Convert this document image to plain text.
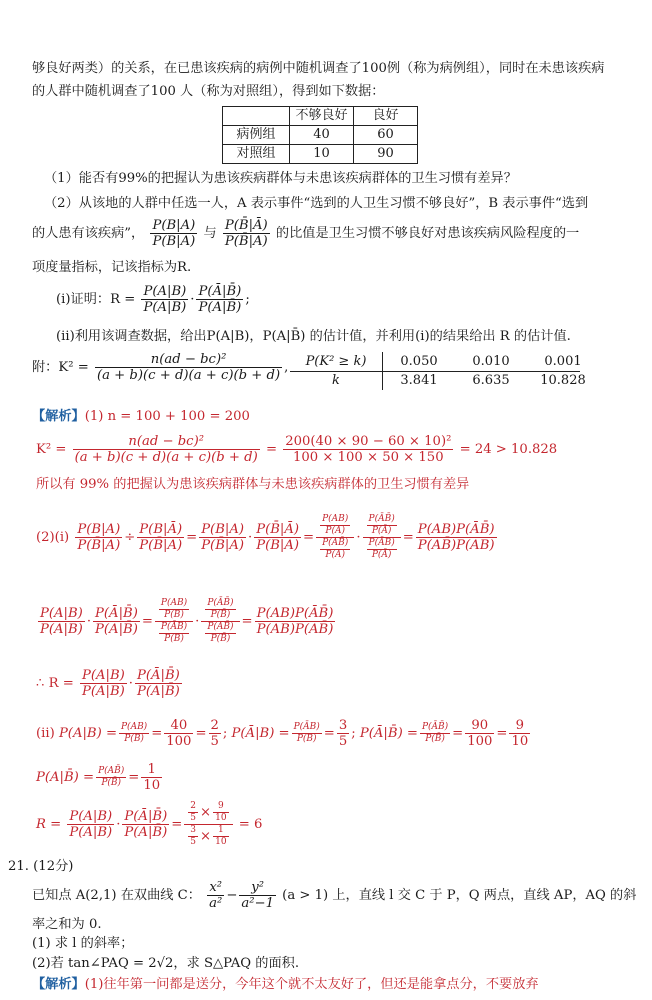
够良好两类）的关系，在已患该疾病的病例中随机调查了100例（称为病例组），同时在未患该疾病
的人群中随机调查了100 人（称为对照组），得到如下数据：
	不够良好	良好
病例组	40	60
对照组	10	90
（1）能否有99%的把握认为患该疾病群体与未患该疾病群体的卫生习惯有差异？
（2）从该地的人群中任选一人，A 表示事件“选到的人卫生习惯不够良好”，B 表示事件“选到
的人患有该疾病”， $\frac{P(B|A)}{P(B|Ā)}$ 与 $\frac{P(B̄|Ā)}{P(B̄|A)}$ 的比值是卫生习惯不够良好对患该疾病风险程度的一
项度量指标，记该指标为R.
(ⅰ)证明：$R = \frac{P(A|B)}{P(Ā|B)} \cdot \frac{P(Ā|B̄)}{P(A|B̄)}$ ;
(ⅱ)利用该调查数据，给出P(A|B)，P(A|B̄) 的估计值，并利用(ⅰ)的结果给出 R 的估计值.
附：$K^2 = \frac{\text{n(ad − bc)²}}{(a + b)(c + d)(a + c)(b + d)}$ ,	P(K² ≥ k)	0.050	0.010	0.001
k	3.841	6.635	10.828
【解析】(1) n = 100 + 100 = 200
$K^2 = \frac{\text{n(ad − bc)²}}{(a + b)(c + d)(a + c)(b + d)} = \frac{\text{200(40 × 90 − 60 × 10)²}}{100 \times 100 \times 50 \times 150} = 24 > 10.828$
所以有 99% 的把握认为患该疾病群体与未患该疾病群体的卫生习惯有差异
(2)(ⅰ) $\frac{P(B|A)}{P(B̄|A)} \div \frac{P(B|Ā)}{P(B̄|Ā)} = \frac{P(B|A)}{P(B̄|A)} \cdot \frac{P(B̄|Ā)}{P(B|Ā)} = \frac{\frac{P(AB)}{P(A)}}{\frac{P(AB̄)}{P(A)}} \cdot \frac{\frac{P(ĀB̄)}{P(Ā)}}{\frac{P(ĀB)}{P(Ā)}} = \frac{P(AB)P(ĀB̄)}{P(AB̄)P(ĀB)}$
$\frac{P(A|B)}{P(Ā|B)} \cdot \frac{P(Ā|B̄)}{P(A|B̄)} = \frac{\frac{P(AB)}{P(B)}}{\frac{P(ĀB)}{P(B)}} \cdot \frac{\frac{P(ĀB̄)}{P(B̄)}}{\frac{P(AB̄)}{P(B̄)}} = \frac{P(AB)P(ĀB̄)}{P(ĀB)P(AB̄)}$
∴ $R = \frac{P(A|B)}{P(Ā|B)} \cdot \frac{P(Ā|B̄)}{P(A|B̄)}$
(ⅱ) $P(A|B) = \frac{P(AB)}{P(B)} = \frac{40}{100} = \frac{2}{5}$ ; P(Ā|B) = $\frac{P(ĀB)}{P(B)} = \frac{3}{5}$ ; P(Ā|B̄) = $\frac{P(ĀB̄)}{P(B̄)} = \frac{90}{100} = \frac{9}{10}$
P(A|B̄) = $\frac{P(AB̄)}{P(B̄)} = \frac{1}{10}$
$R = \frac{P(A|B)}{P(Ā|B)} \cdot \frac{P(Ā|B̄)}{P(A|B̄)} = \frac{\frac{2}{5} \times \frac{9}{10}}{\frac{3}{5} \times \frac{1}{10}} = 6$
21. (12分)
已知点 A(2,1) 在双曲线 C： $\frac{\text{x²}}{\text{a²}} - \frac{\text{y²}}{\text{a²−1}} (a > 1)$ 上，直线 l 交 C 于 P，Q 两点，直线 AP，AQ 的斜
率之和为 0.
(1) 求 l 的斜率；
(2)若 tan∠PAQ = 2√2，求 S△PAQ 的面积.
【解析】(1)往年第一问都是送分，今年这个就不太友好了，但还是能拿点分，不要放弃
